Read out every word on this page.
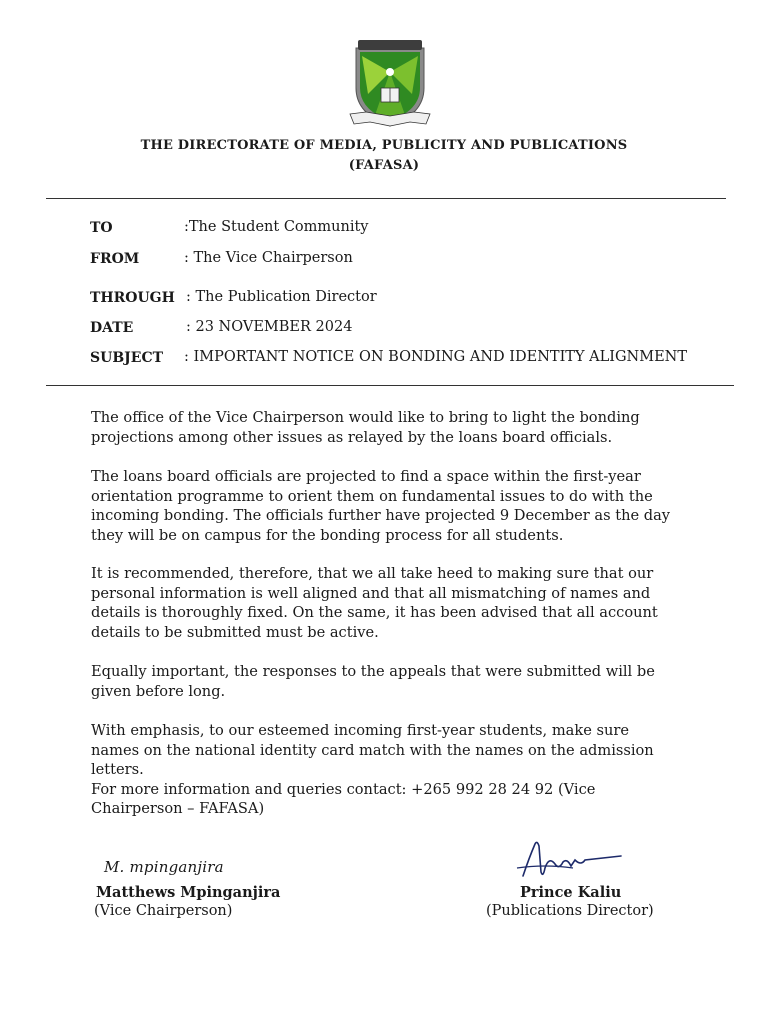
THE DIRECTORATE OF MEDIA, PUBLICITY AND PUBLICATIONS
(FAFASA)
TO	:The Student Community
FROM	: The Vice Chairperson
THROUGH : The Publication Director
DATE	: 23 NOVEMBER 2024
SUBJECT : IMPORTANT NOTICE ON BONDING AND IDENTITY ALIGNMENT

The office of the Vice Chairperson would like to bring to light the bonding

projections among other issues as relayed by the loans board officials.

The loans board officials are projected to find a space within the first-year

orientation programme to orient them on fundamental issues to do with the

incoming bonding. The officials further have projected 9 December as the day

they will be on campus for the bonding process for all students.

It is recommended, therefore, that we all take heed to making sure that our

personal information is well aligned and that all mismatching of names and

details is thoroughly fixed. On the same, it has been advised that all account

details to be submitted must be active.

Equally important, the responses to the appeals that were submitted will be

given before long.

With emphasis, to our esteemed incoming first-year students, make sure

names on the national identity card match with the names on the admission

letters.

For more information and queries contact: +265 992 28 24 92 (Vice

Chairperson – FAFASA)

M. mpinganjira
Matthews Mpinganjira
(Vice Chairperson)
Prince Kaliu
(Publications Director)
